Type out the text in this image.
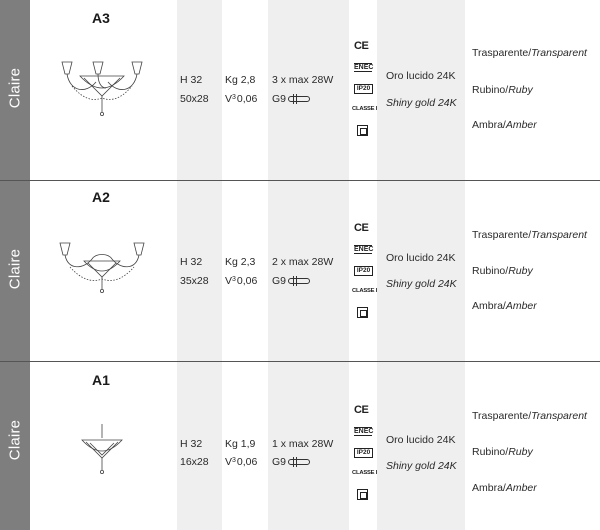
Claire
A3
H 32
50x28
Kg 2,8
$V^30,06$
3 x max 28W
G9
CE
ENEC
IP20
CLASSE I
Oro lucido 24K
Shiny gold 24K
Trasparente/Transparent
Rubino/Ruby
Ambra/Amber
Claire
A2
H 32
35x28
Kg 2,3
$V^30,06$
2 x max 28W
G9
CE
ENEC
IP20
CLASSE I
Oro lucido 24K
Shiny gold 24K
Trasparente/Transparent
Rubino/Ruby
Ambra/Amber
Claire
A1
H 32
16x28
Kg 1,9
$V^30,06$
1 x max 28W
G9
CE
ENEC
IP20
CLASSE I
Oro lucido 24K
Shiny gold 24K
Trasparente/Transparent
Rubino/Ruby
Ambra/Amber
